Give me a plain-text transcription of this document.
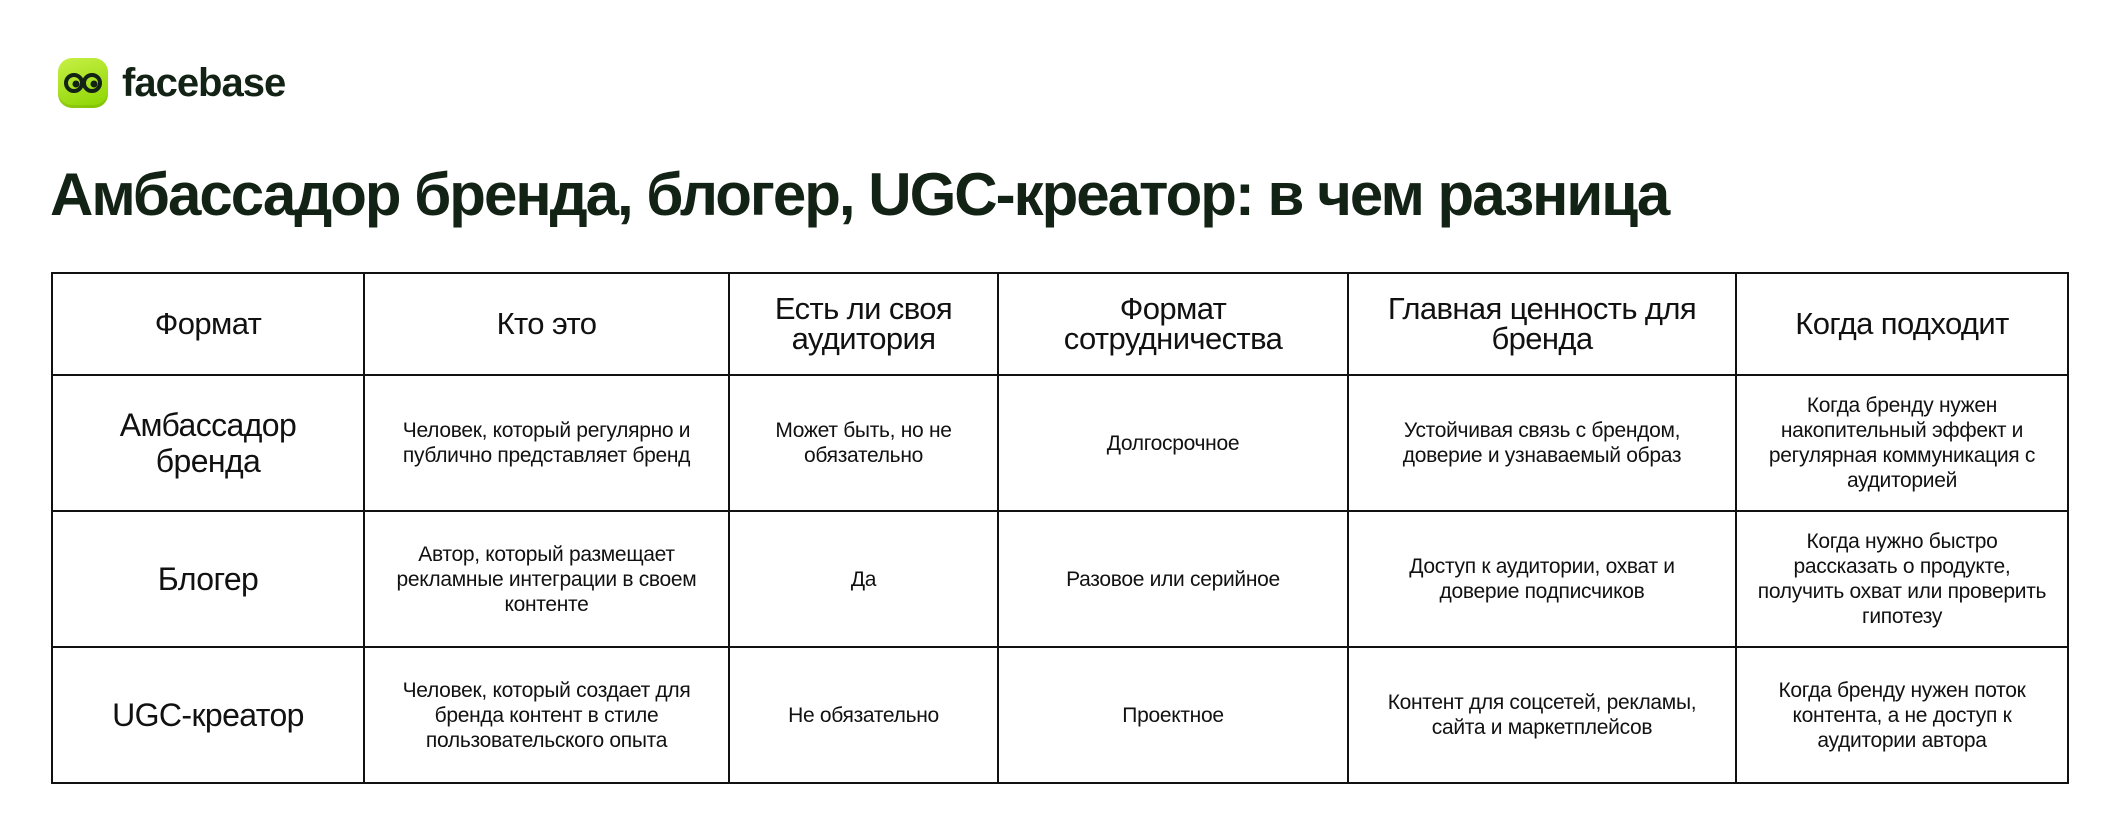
facebase
Амбассадор бренда, блогер, UGC-креатор: в чем разница
Формат	Кто это	Есть ли своя аудитория	Формат сотрудничества	Главная ценность для бренда	Когда подходит
Амбассадор бренда	Человек, который регулярно и публично представляет бренд	Может быть, но не обязательно	Долгосрочное	Устойчивая связь с брендом, доверие и узнаваемый образ	Когда бренду нужен накопительный эффект и регулярная коммуникация с аудиторией
Блогер	Автор, который размещает рекламные интеграции в своем контенте	Да	Разовое или серийное	Доступ к аудитории, охват и доверие подписчиков	Когда нужно быстро рассказать о продукте, получить охват или проверить гипотезу
UGC-креатор	Человек, который создает для бренда контент в стиле пользовательского опыта	Не обязательно	Проектное	Контент для соцсетей, рекламы, сайта и маркетплейсов	Когда бренду нужен поток контента, а не доступ к аудитории автора
